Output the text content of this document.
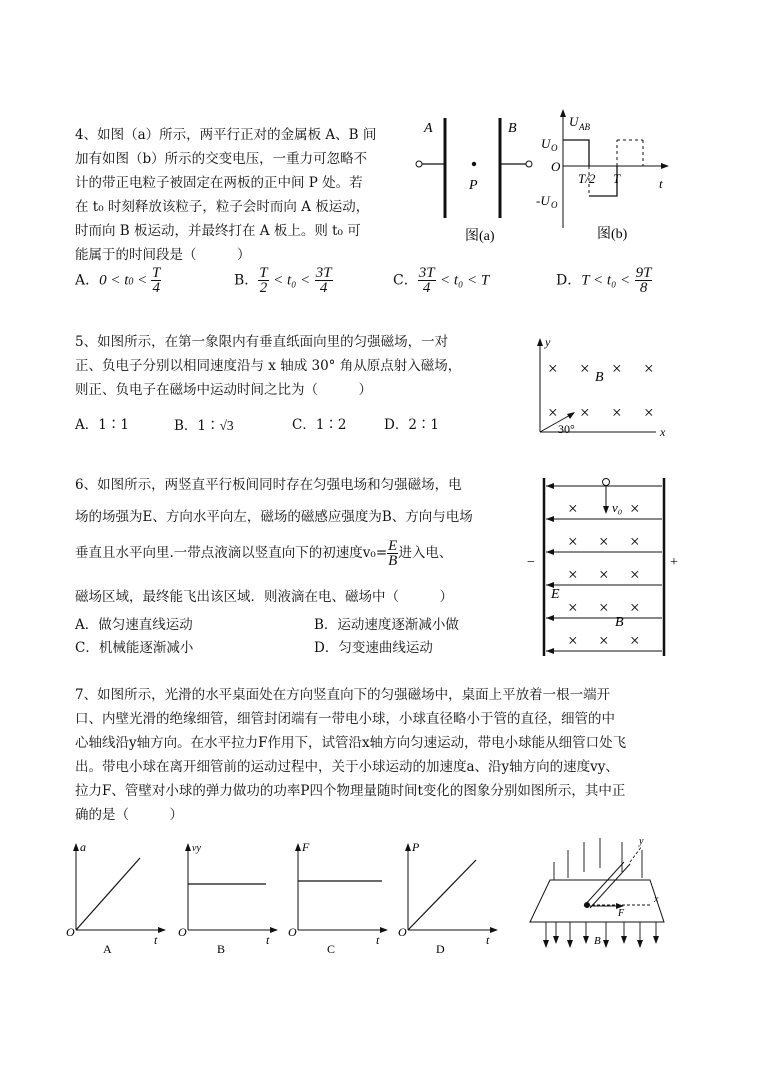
4、如图（a）所示，两平行正对的金属板 A、B 间
加有如图（b）所示的交变电压，一重力可忽略不
计的带正电粒子被固定在两板的正中间 P 处。若
在 t₀ 时刻释放该粒子，粒子会时而向 A 板运动，
时而向 B 板运动，并最终打在 A 板上。则 t₀ 可
能属于的时间段是（　　　）
A	B
P
图(a)
U AB
U O
O
-U O
T/2 T	t
图(b)
A．$0 < t0 < \frac{T}{4}$	B． $\frac{T}{2} < t_0 < \frac{3T}{4}$	C． $\frac{3T}{4} < t_0 < T$	D．$T < t_0 < \frac{9T}{8}$
5、如图所示，在第一象限内有垂直纸面向里的匀强磁场，一对
正、负电子分别以相同速度沿与 x 轴成 30° 角从原点射入磁场，
则正、负电子在磁场中运动时间之比为（　　　）
A．1∶1	B．1∶√3	C．1∶2	D．2∶1
y
x
30°
× × × ×
× × × ×
B
6、如图所示，两竖直平行板间同时存在匀强电场和匀强磁场，电
场的场强为E、方向水平向左，磁场的磁感应强度为B、方向与电场
垂直且水平向里.一带点液滴以竖直向下的初速度$v_0= \frac{E}{B}$ 进入电、
磁场区域，最终能飞出该区域．则液滴在电、磁场中（　　　）
A．做匀速直线运动	B．运动速度逐渐减小做
C．机械能逐渐减小	D．匀变速曲线运动
−	+
×	×
× × ×
× × ×
× × ×
× × ×
v₀
E
B
7、如图所示，光滑的水平桌面处在方向竖直向下的匀强磁场中，桌面上平放着一根一端开
口、内壁光滑的绝缘细管，细管封闭端有一带电小球，小球直径略小于管的直径，细管的中
心轴线沿y轴方向。在水平拉力F作用下，试管沿x轴方向匀速运动，带电小球能从细管口处飞
出。带电小球在离开细管前的运动过程中，关于小球运动的加速度a、沿y轴方向的速度vy、
拉力F、管壁对小球的弹力做功的功率P四个物理量随时间t变化的图象分别如图所示，其中正
确的是（　　　）
a
O
t
A
vy
O
t
B
F
O
t
C
P
O
t
D
y
x
F
B
